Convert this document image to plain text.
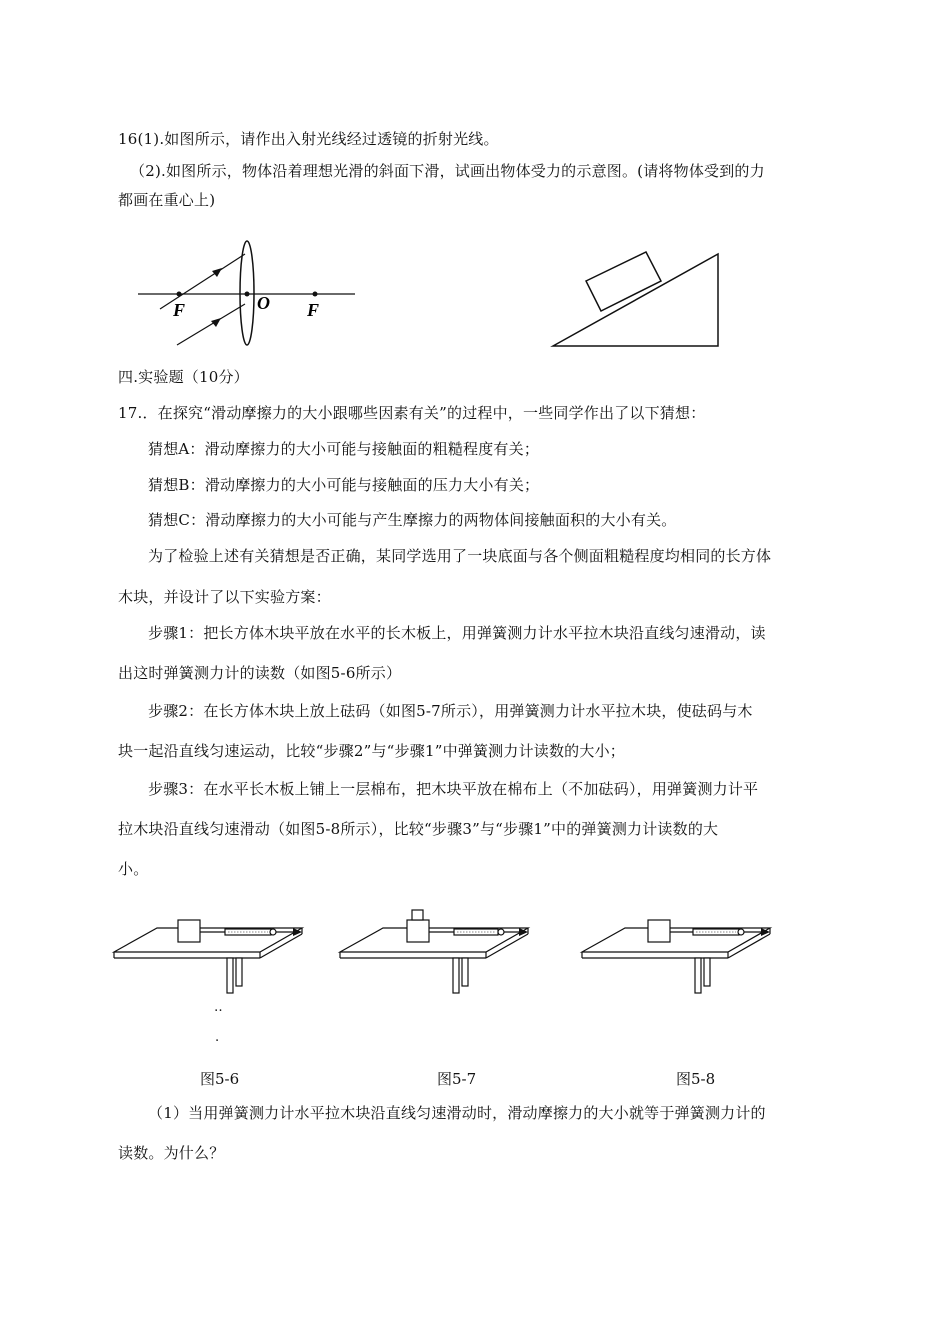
16(1).如图所示，请作出入射光线经过透镜的折射光线。
（2).如图所示，物体沿着理想光滑的斜面下滑，试画出物体受力的示意图。(请将物体受到的力
都画在重心上)
F	O F
四.实验题（10分）
17.．在探究“滑动摩擦力的大小跟哪些因素有关”的过程中，一些同学作出了以下猜想：
猜想A：滑动摩擦力的大小可能与接触面的粗糙程度有关；
猜想B：滑动摩擦力的大小可能与接触面的压力大小有关；
猜想C：滑动摩擦力的大小可能与产生摩擦力的两物体间接触面积的大小有关。
为了检验上述有关猜想是否正确，某同学选用了一块底面与各个侧面粗糙程度均相同的长方体
木块，并设计了以下实验方案：
步骤1：把长方体木块平放在水平的长木板上，用弹簧测力计水平拉木块沿直线匀速滑动，读
出这时弹簧测力计的读数（如图5-6所示）
步骤2：在长方体木块上放上砝码（如图5-7所示），用弹簧测力计水平拉木块，使砝码与木
块一起沿直线匀速运动，比较“步骤2”与“步骤1”中弹簧测力计读数的大小；
步骤3：在水平长木板上铺上一层棉布，把木块平放在棉布上（不加砝码），用弹簧测力计平
拉木块沿直线匀速滑动（如图5-8所示），比较“步骤3”与“步骤1”中的弹簧测力计读数的大
小。
‥
.
图5-6	图5-7	图5-8
（1）当用弹簧测力计水平拉木块沿直线匀速滑动时，滑动摩擦力的大小就等于弹簧测力计的
读数。为什么？
